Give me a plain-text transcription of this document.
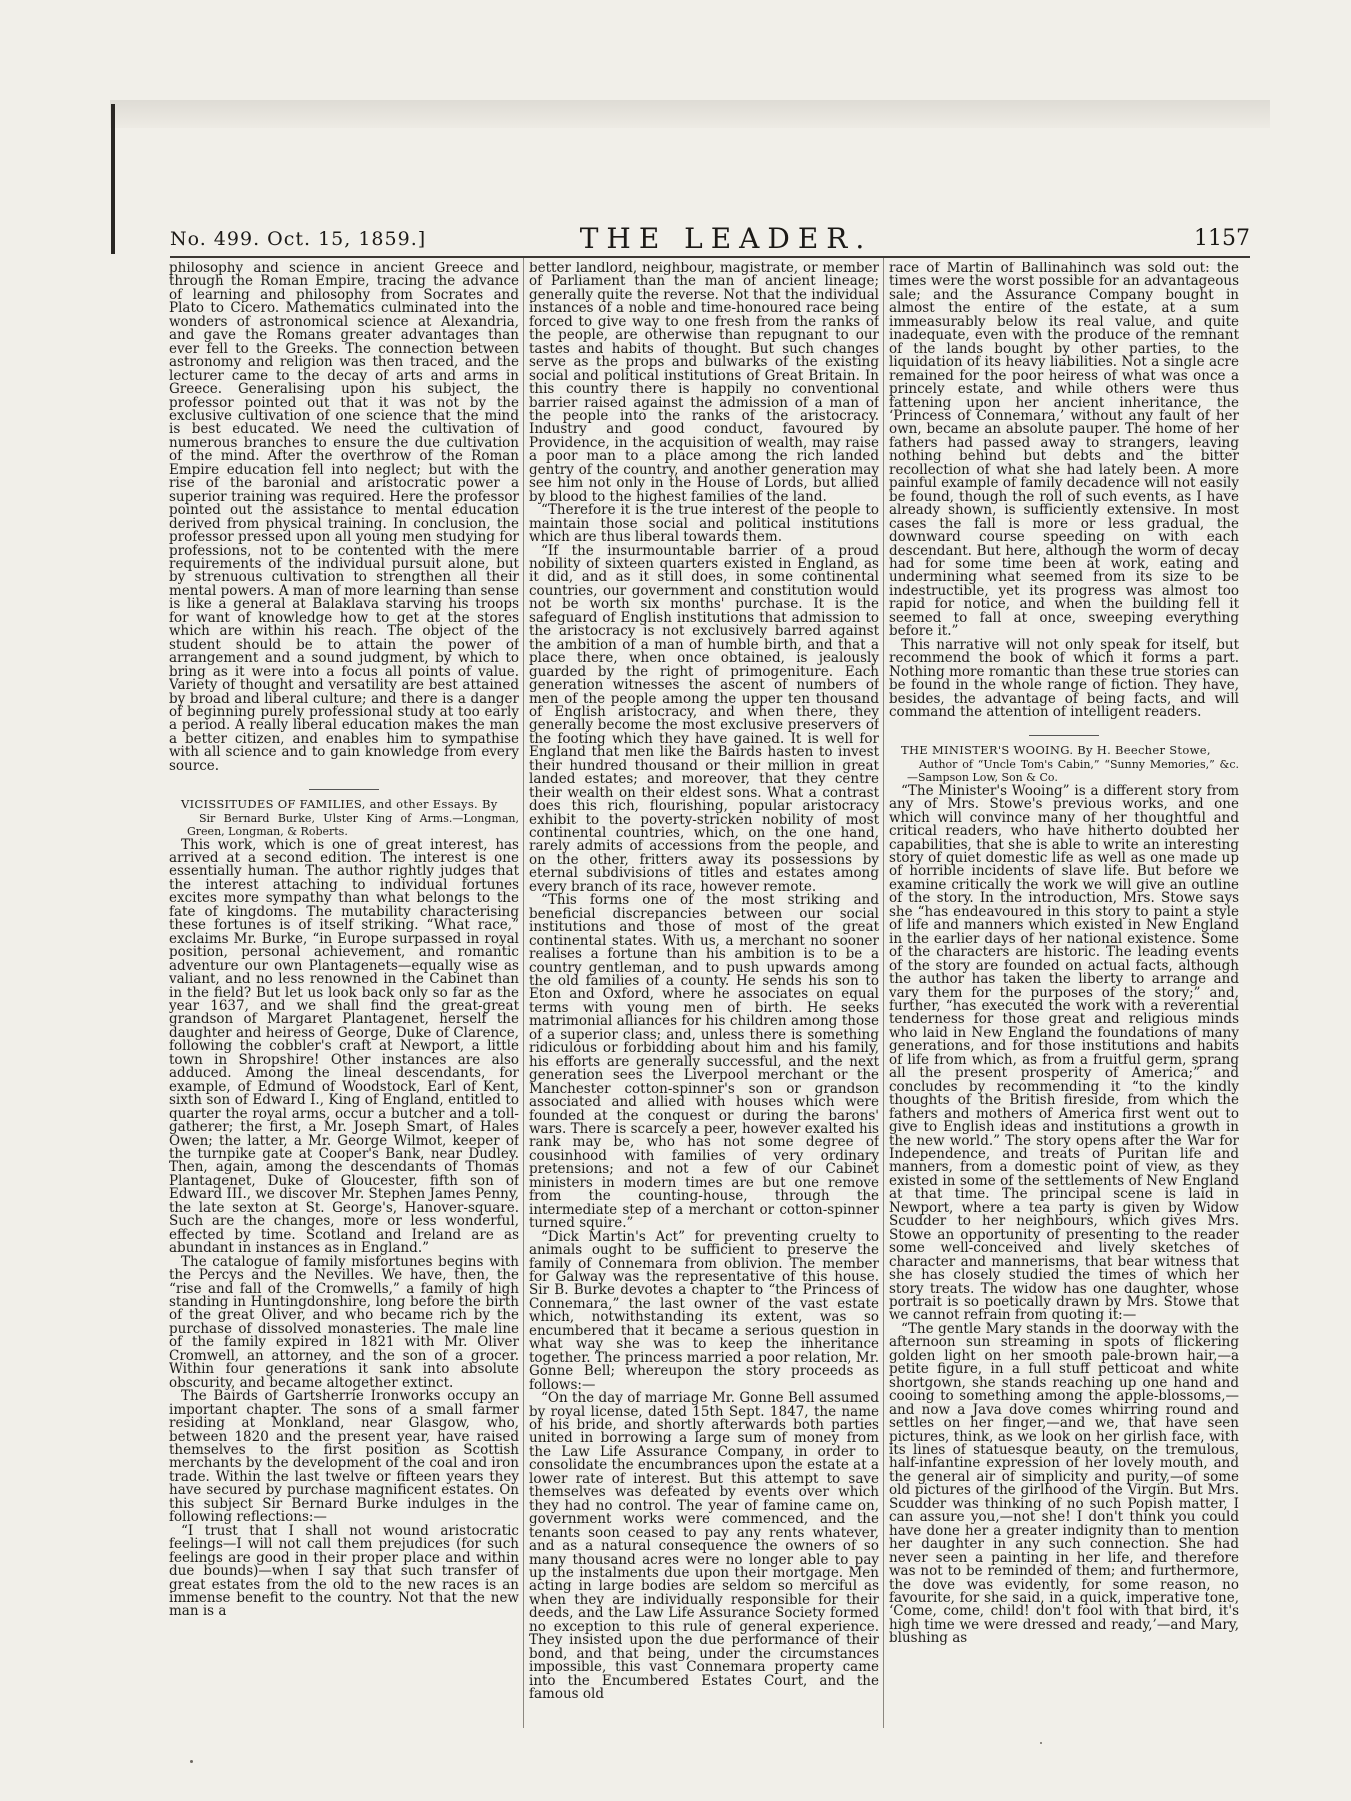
No. 499. Oct. 15, 1859.]	THE LEADER.	1157

philosophy and science in ancient Greece and through the Roman Empire, tracing the advance of learning and philosophy from Socrates and Plato to Cicero. Mathematics culminated into the wonders of astronomical science at Alexandria, and gave the Romans greater advantages than ever fell to the Greeks. The connection between astronomy and religion was then traced, and the lecturer came to the decay of arts and arms in Greece. Generalising upon his subject, the professor pointed out that it was not by the exclusive cultivation of one science that the mind is best educated. We need the cultivation of numerous branches to ensure the due cultivation of the mind. After the overthrow of the Roman Empire education fell into neglect; but with the rise of the baronial and aristocratic power a superior training was required. Here the professor pointed out the assistance to mental education derived from physical training. In conclusion, the professor pressed upon all young men studying for professions, not to be contented with the mere requirements of the individual pursuit alone, but by strenuous cultivation to strengthen all their mental powers. A man of more learning than sense is like a general at Balaklava starving his troops for want of knowledge how to get at the stores which are within his reach. The object of the student should be to attain the power of arrangement and a sound judgment, by which to bring as it were into a focus all points of value. Variety of thought and versatility are best attained by broad and liberal culture; and there is a danger of beginning purely professional study at too early a period. A really liberal education makes the man a better citizen, and enables him to sympathise with all science and to gain knowledge from every source.

VICISSITUDES OF FAMILIES, and other Essays. By

Sir Bernard Burke, Ulster King of Arms.—Longman, Green, Longman, & Roberts.

This work, which is one of great interest, has arrived at a second edition. The interest is one essentially human. The author rightly judges that the interest attaching to individual fortunes excites more sympathy than what belongs to the fate of kingdoms. The mutability characterising these fortunes is of itself striking. “What race,” exclaims Mr. Burke, “in Europe surpassed in royal position, personal achievement, and romantic adventure our own Plantagenets—equally wise as valiant, and no less renowned in the Cabinet than in the field? But let us look back only so far as the year 1637, and we shall find the great-great grandson of Margaret Plantagenet, herself the daughter and heiress of George, Duke of Clarence, following the cobbler's craft at Newport, a little town in Shropshire! Other instances are also adduced. Among the lineal descendants, for example, of Edmund of Woodstock, Earl of Kent, sixth son of Edward I., King of England, entitled to quarter the royal arms, occur a butcher and a toll-gatherer; the first, a Mr. Joseph Smart, of Hales Owen; the latter, a Mr. George Wilmot, keeper of the turnpike gate at Cooper's Bank, near Dudley. Then, again, among the descendants of Thomas Plantagenet, Duke of Gloucester, fifth son of Edward III., we discover Mr. Stephen James Penny, the late sexton at St. George's, Hanover-square. Such are the changes, more or less wonderful, effected by time. Scotland and Ireland are as abundant in instances as in England.”

The catalogue of family misfortunes begins with the Percys and the Nevilles. We have, then, the “rise and fall of the Cromwells,” a family of high standing in Huntingdonshire, long before the birth of the great Oliver, and who became rich by the purchase of dissolved monasteries. The male line of the family expired in 1821 with Mr. Oliver Cromwell, an attorney, and the son of a grocer. Within four generations it sank into absolute obscurity, and became altogether extinct.

The Bairds of Gartsherrie Ironworks occupy an important chapter. The sons of a small farmer residing at Monkland, near Glasgow, who, between 1820 and the present year, have raised themselves to the first position as Scottish merchants by the development of the coal and iron trade. Within the last twelve or fifteen years they have secured by purchase magnificent estates. On this subject Sir Bernard Burke indulges in the following reflections:—

“I trust that I shall not wound aristocratic feelings—I will not call them prejudices (for such feelings are good in their proper place and within due bounds)—when I say that such transfer of great estates from the old to the new races is an immense benefit to the country. Not that the new man is a

better landlord, neighbour, magistrate, or member of Parliament than the man of ancient lineage; generally quite the reverse. Not that the individual instances of a noble and time-honoured race being forced to give way to one fresh from the ranks of the people, are otherwise than repugnant to our tastes and habits of thought. But such changes serve as the props and bulwarks of the existing social and political institutions of Great Britain. In this country there is happily no conventional barrier raised against the admission of a man of the people into the ranks of the aristocracy. Industry and good conduct, favoured by Providence, in the acquisition of wealth, may raise a poor man to a place among the rich landed gentry of the country, and another generation may see him not only in the House of Lords, but allied by blood to the highest families of the land.

“Therefore it is the true interest of the people to maintain those social and political institutions which are thus liberal towards them.

“If the insurmountable barrier of a proud nobility of sixteen quarters existed in England, as it did, and as it still does, in some continental countries, our government and constitution would not be worth six months' purchase. It is the safeguard of English institutions that admission to the aristocracy is not exclusively barred against the ambition of a man of humble birth, and that a place there, when once obtained, is jealously guarded by the right of primogeniture. Each generation witnesses the ascent of numbers of men of the people among the upper ten thousand of English aristocracy, and when there, they generally become the most exclusive preservers of the footing which they have gained. It is well for England that men like the Bairds hasten to invest their hundred thousand or their million in great landed estates; and moreover, that they centre their wealth on their eldest sons. What a contrast does this rich, flourishing, popular aristocracy exhibit to the poverty-stricken nobility of most continental countries, which, on the one hand, rarely admits of accessions from the people, and on the other, fritters away its possessions by eternal subdivisions of titles and estates among every branch of its race, however remote.

“This forms one of the most striking and beneficial discrepancies between our social institutions and those of most of the great continental states. With us, a merchant no sooner realises a fortune than his ambition is to be a country gentleman, and to push upwards among the old families of a county. He sends his son to Eton and Oxford, where he associates on equal terms with young men of birth. He seeks matrimonial alliances for his children among those of a superior class; and, unless there is something ridiculous or forbidding about him and his family, his efforts are generally successful, and the next generation sees the Liverpool merchant or the Manchester cotton-spinner's son or grandson associated and allied with houses which were founded at the conquest or during the barons' wars. There is scarcely a peer, however exalted his rank may be, who has not some degree of cousinhood with families of very ordinary pretensions; and not a few of our Cabinet ministers in modern times are but one remove from the counting-house, through the intermediate step of a merchant or cotton-spinner turned squire.”

“Dick Martin's Act” for preventing cruelty to animals ought to be sufficient to preserve the family of Connemara from oblivion. The member for Galway was the representative of this house. Sir B. Burke devotes a chapter to “the Princess of Connemara,” the last owner of the vast estate which, notwithstanding its extent, was so encumbered that it became a serious question in what way she was to keep the inheritance together. The princess married a poor relation, Mr. Gonne Bell; whereupon the story proceeds as follows:—

“On the day of marriage Mr. Gonne Bell assumed by royal license, dated 15th Sept. 1847, the name of his bride, and shortly afterwards both parties united in borrowing a large sum of money from the Law Life Assurance Company, in order to consolidate the encumbrances upon the estate at a lower rate of interest. But this attempt to save themselves was defeated by events over which they had no control. The year of famine came on, government works were commenced, and the tenants soon ceased to pay any rents whatever, and as a natural consequence the owners of so many thousand acres were no longer able to pay up the instalments due upon their mortgage. Men acting in large bodies are seldom so merciful as when they are individually responsible for their deeds, and the Law Life Assurance Society formed no exception to this rule of general experience. They insisted upon the due performance of their bond, and that being, under the circumstances impossible, this vast Connemara property came into the Encumbered Estates Court, and the famous old

race of Martin of Ballinahinch was sold out: the times were the worst possible for an advantageous sale; and the Assurance Company bought in almost the entire of the estate, at a sum immeasurably below its real value, and quite inadequate, even with the produce of the remnant of the lands bought by other parties, to the liquidation of its heavy liabilities. Not a single acre remained for the poor heiress of what was once a princely estate, and while others were thus fattening upon her ancient inheritance, the ‘Princess of Connemara,’ without any fault of her own, became an absolute pauper. The home of her fathers had passed away to strangers, leaving nothing behind but debts and the bitter recollection of what she had lately been. A more painful example of family decadence will not easily be found, though the roll of such events, as I have already shown, is sufficiently extensive. In most cases the fall is more or less gradual, the downward course speeding on with each descendant. But here, although the worm of decay had for some time been at work, eating and undermining what seemed from its size to be indestructible, yet its progress was almost too rapid for notice, and when the building fell it seemed to fall at once, sweeping everything before it.”

This narrative will not only speak for itself, but recommend the book of which it forms a part. Nothing more romantic than these true stories can be found in the whole range of fiction. They have, besides, the advantage of being facts, and will command the attention of intelligent readers.

THE MINISTER'S WOOING. By H. Beecher Stowe,

Author of “Uncle Tom's Cabin,” “Sunny Memories,” &c.—Sampson Low, Son & Co.

“The Minister's Wooing” is a different story from any of Mrs. Stowe's previous works, and one which will convince many of her thoughtful and critical readers, who have hitherto doubted her capabilities, that she is able to write an interesting story of quiet domestic life as well as one made up of horrible incidents of slave life. But before we examine critically the work we will give an outline of the story. In the introduction, Mrs. Stowe says she “has endeavoured in this story to paint a style of life and manners which existed in New England in the earlier days of her national existence. Some of the characters are historic. The leading events of the story are founded on actual facts, although the author has taken the liberty to arrange and vary them for the purposes of the story;” and, further, “has executed the work with a reverential tenderness for those great and religious minds who laid in New England the foundations of many generations, and for those institutions and habits of life from which, as from a fruitful germ, sprang all the present prosperity of America;” and concludes by recommending it “to the kindly thoughts of the British fireside, from which the fathers and mothers of America first went out to give to English ideas and institutions a growth in the new world.” The story opens after the War for Independence, and treats of Puritan life and manners, from a domestic point of view, as they existed in some of the settlements of New England at that time. The principal scene is laid in Newport, where a tea party is given by Widow Scudder to her neighbours, which gives Mrs. Stowe an opportunity of presenting to the reader some well-conceived and lively sketches of character and mannerisms, that bear witness that she has closely studied the times of which her story treats. The widow has one daughter, whose portrait is so poetically drawn by Mrs. Stowe that we cannot refrain from quoting it:—

“The gentle Mary stands in the doorway with the afternoon sun streaming in spots of flickering golden light on her smooth pale-brown hair,—a petite figure, in a full stuff petticoat and white shortgown, she stands reaching up one hand and cooing to something among the apple-blossoms,—and now a Java dove comes whirring round and settles on her finger,—and we, that have seen pictures, think, as we look on her girlish face, with its lines of statuesque beauty, on the tremulous, half-infantine expression of her lovely mouth, and the general air of simplicity and purity,—of some old pictures of the girlhood of the Virgin. But Mrs. Scudder was thinking of no such Popish matter, I can assure you,—not she! I don't think you could have done her a greater indignity than to mention her daughter in any such connection. She had never seen a painting in her life, and therefore was not to be reminded of them; and furthermore, the dove was evidently, for some reason, no favourite, for she said, in a quick, imperative tone, ‘Come, come, child! don't fool with that bird, it's high time we were dressed and ready,’—and Mary, blushing as
